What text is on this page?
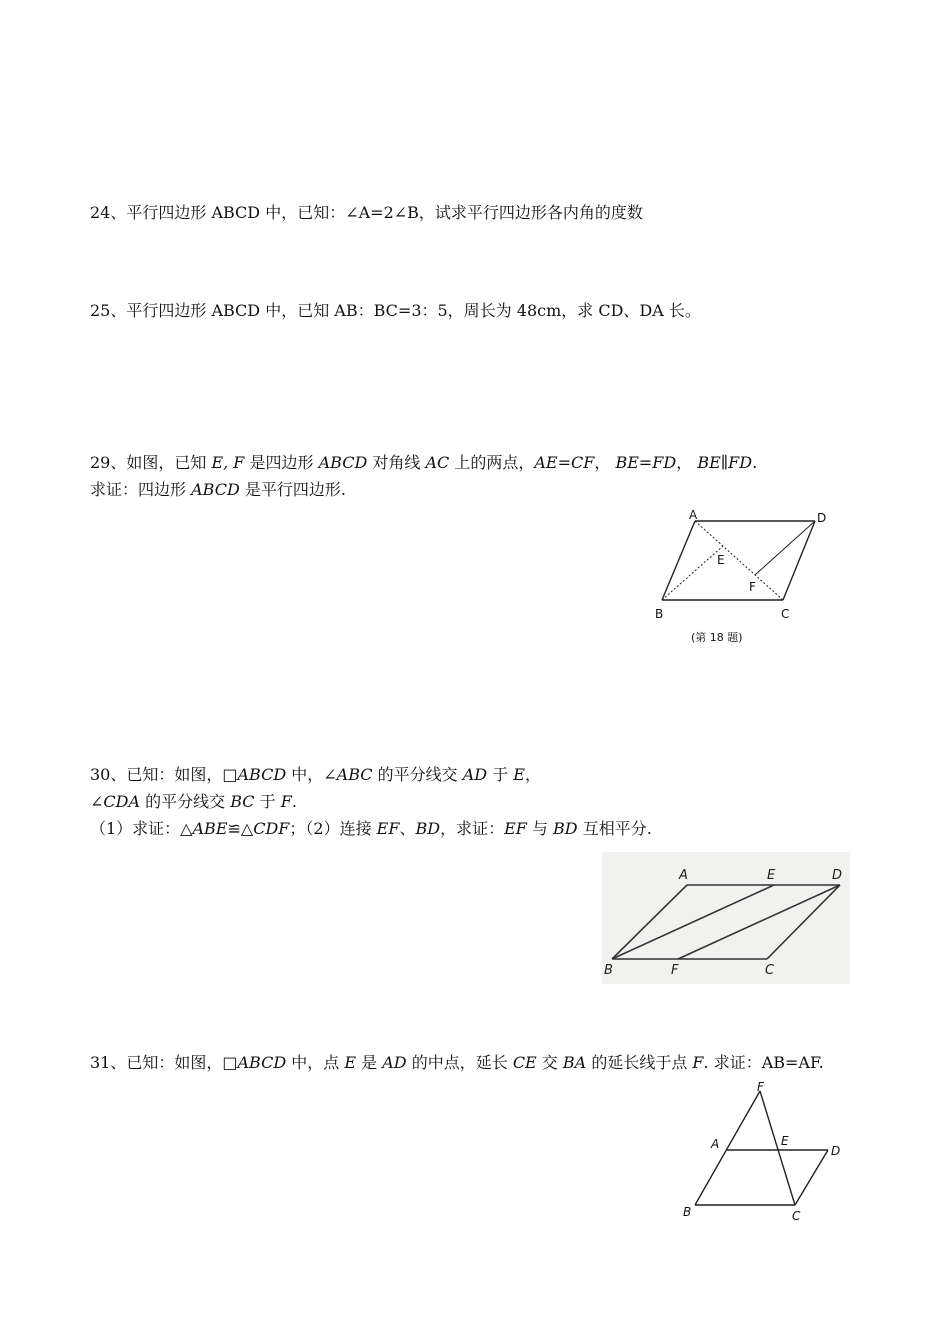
24、平行四边形 ABCD 中，已知：∠A=2∠B，试求平行四边形各内角的度数
25、平行四边形 ABCD 中，已知 AB：BC=3：5，周长为 48cm，求 CD、DA 长。
29、如图，已知 E, F 是四边形 ABCD 对角线 AC 上的两点，AE=CF， BE=FD， BE∥FD.
求证：四边形 ABCD 是平行四边形.
A	D
E
F
B	C
(第 18 题)
30、已知：如图，□ABCD 中，∠ABC 的平分线交 AD 于 E，
∠CDA 的平分线交 BC 于 F.
（1）求证：△ABE≌△CDF；（2）连接 EF、BD，求证：EF 与 BD 互相平分.
A	E	D
B	F	C
31、已知：如图，□ABCD 中，点 E 是 AD 的中点，延长 CE 交 BA 的延长线于点 F. 求证：AB=AF.
F
A	E
D
B	C
